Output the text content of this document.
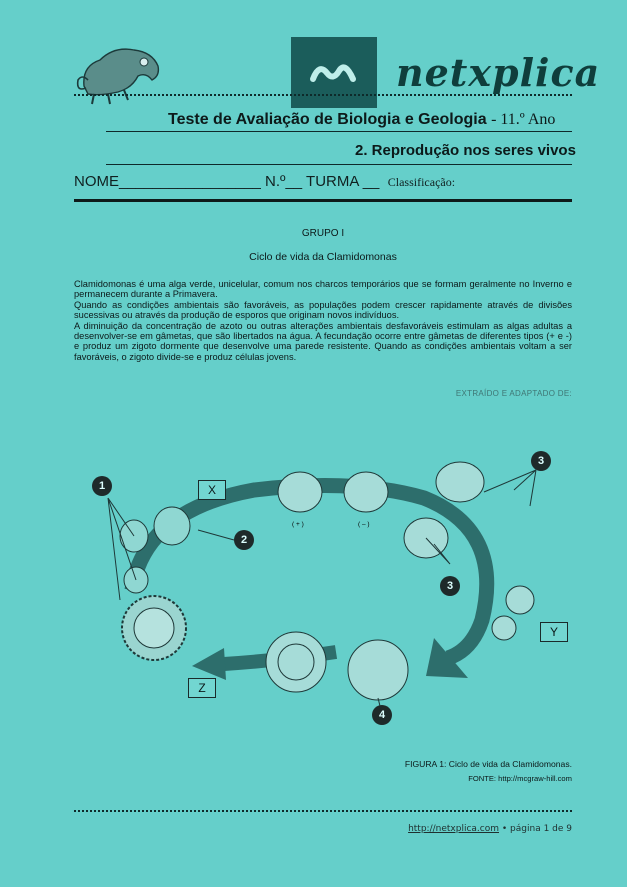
netxplica
Teste de Avaliação de Biologia e Geologia - 11.º Ano
2. Reprodução nos seres vivos
NOME_________________ N.º__ TURMA __ Classificação:
GRUPO I
Ciclo de vida da Clamidomonas

Clamidomonas é uma alga verde, unicelular, comum nos charcos temporários que se formam geralmente no Inverno e permanecem durante a Primavera.

Quando as condições ambientais são favoráveis, as populações podem crescer rapidamente através de divisões sucessivas ou através da produção de esporos que originam novos indivíduos.

A diminuição da concentração de azoto ou outras alterações ambientais desfavoráveis estimulam as algas adultas a desenvolver-se em gâmetas, que são libertados na água. A fecundação ocorre entre gâmetas de diferentes tipos (+ e -) e produz um zigoto dormente que desenvolve uma parede resistente. Quando as condições ambientais voltam a ser favoráveis, o zigoto divide-se e produz células jovens.

EXTRAÍDO E ADAPTADO DE:
( + )	( – )
X
Y
Z
1
2
3
3
4
FIGURA 1: Ciclo de vida da Clamidomonas.
FONTE: http://mcgraw-hill.com
http://netxplica.com • página 1 de 9
